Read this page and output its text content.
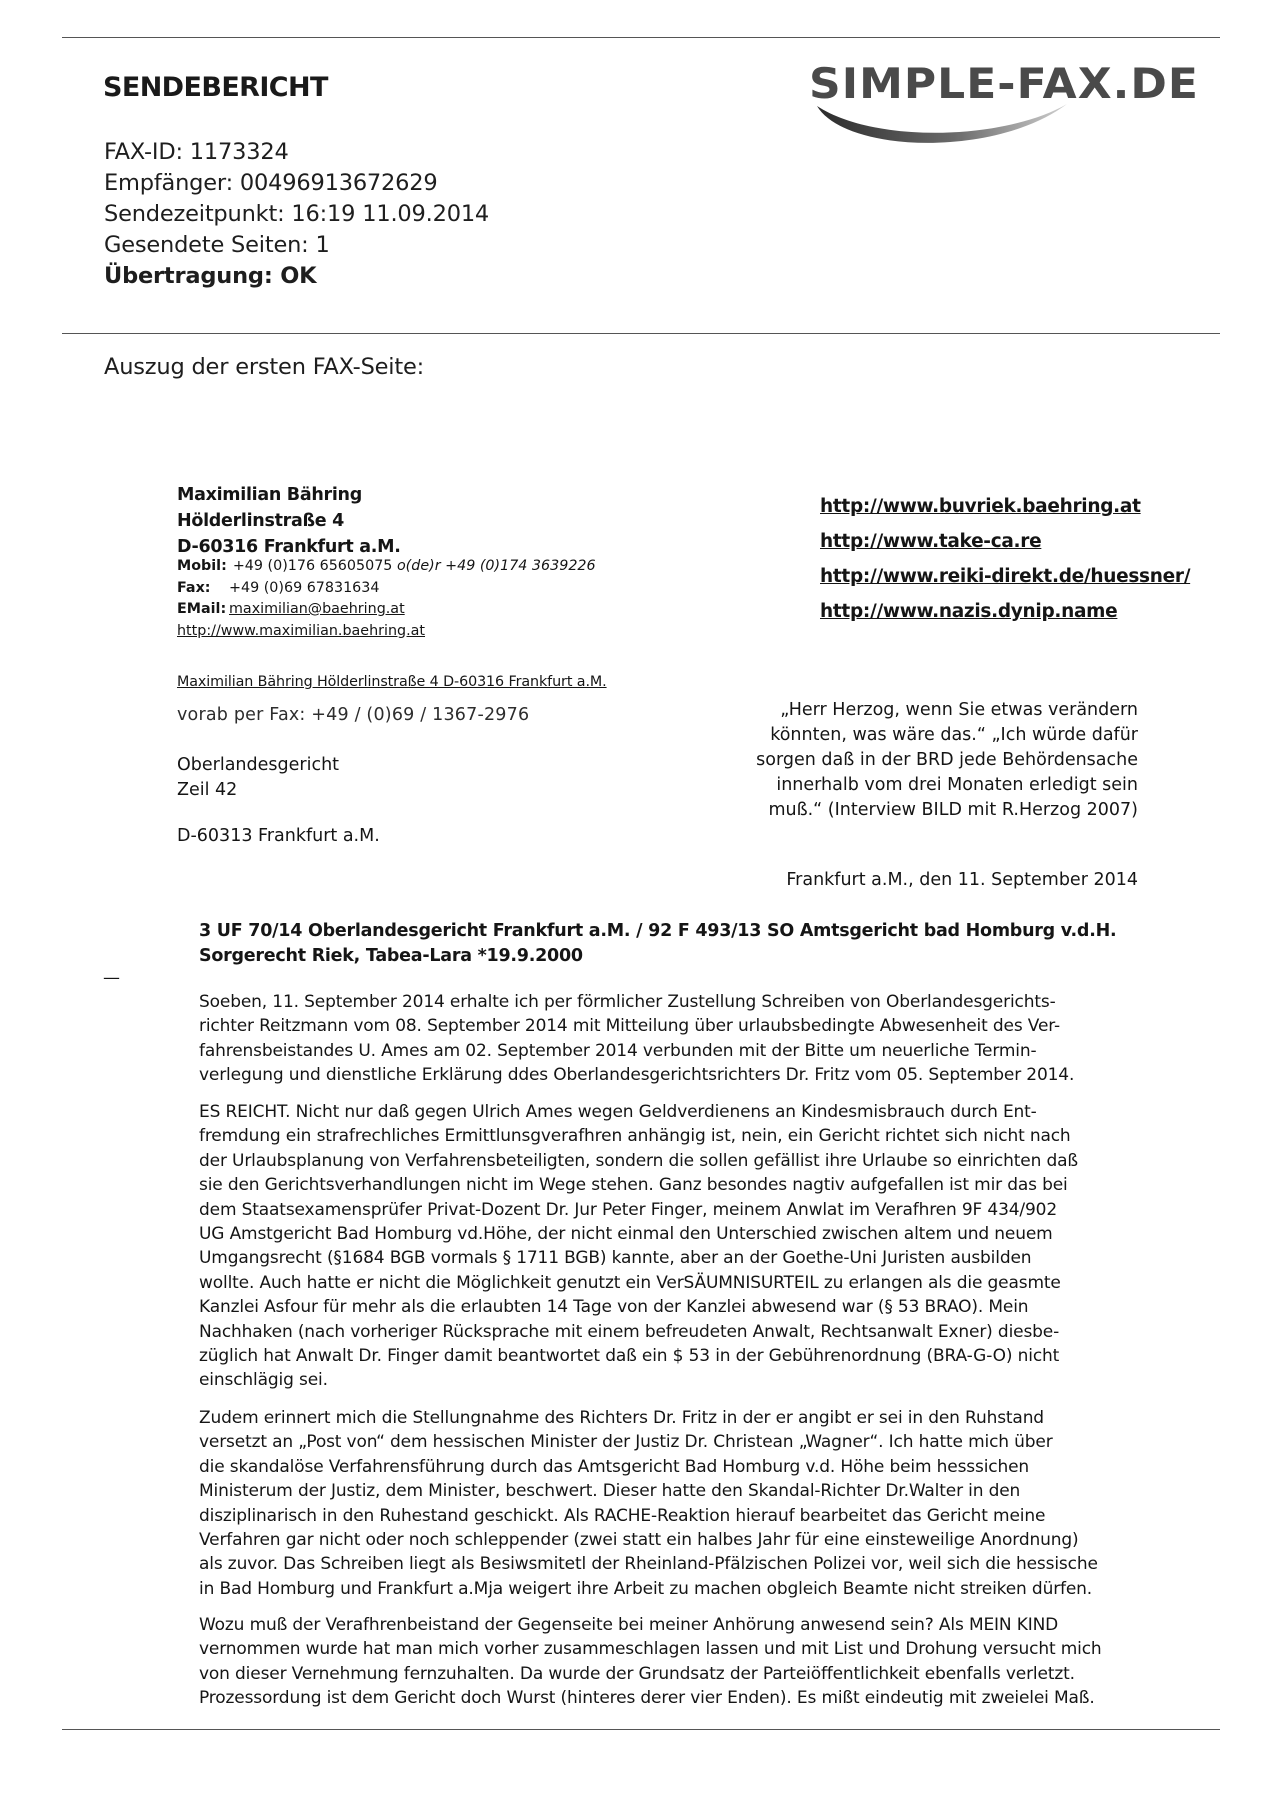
SENDEBERICHT	SIMPLE-FAX.DE
FAX-ID: 1173324
Empfänger: 00496913672629
Sendezeitpunkt: 16:19 11.09.2014
Gesendete Seiten: 1
Übertragung: OK
Auszug der ersten FAX-Seite:
Maximilian Bähring
Hölderlinstraße 4
D-60316 Frankfurt a.M.
Mobil: +49 (0)176 65605075 o(de)r +49 (0)174 3639226
Fax: +49 (0)69 67831634
EMail: maximilian@baehring.at
http://www.maximilian.baehring.at
http://www.buvriek.baehring.at
http://www.take-ca.re
http://www.reiki-direkt.de/huessner/
http://www.nazis.dynip.name
Maximilian Bähring Hölderlinstraße 4 D-60316 Frankfurt a.M.
vorab per Fax: +49 / (0)69 / 1367-2976
Oberlandesgericht
Zeil 42
D-60313 Frankfurt a.M.
„Herr Herzog, wenn Sie etwas verändern
könnten, was wäre das.“ „Ich würde dafür
sorgen daß in der BRD jede Behördensache
innerhalb vom drei Monaten erledigt sein
muß.“ (Interview BILD mit R.Herzog 2007)
Frankfurt a.M., den 11. September 2014
3 UF 70/14 Oberlandesgericht Frankfurt a.M. / 92 F 493/13 SO Amtsgericht bad Homburg v.d.H.
Sorgerecht Riek, Tabea-Lara *19.9.2000
—
Soeben, 11. September 2014 erhalte ich per förmlicher Zustellung Schreiben von Oberlandesgerichts-
richter Reitzmann vom 08. September 2014 mit Mitteilung über urlaubsbedingte Abwesenheit des Ver-
fahrensbeistandes U. Ames am 02. September 2014 verbunden mit der Bitte um neuerliche Termin-
verlegung und dienstliche Erklärung ddes Oberlandesgerichtsrichters Dr. Fritz vom 05. September 2014.
ES REICHT. Nicht nur daß gegen Ulrich Ames wegen Geldverdienens an Kindesmisbrauch durch Ent-
fremdung ein strafrechliches Ermittlunsgverafhren anhängig ist, nein, ein Gericht richtet sich nicht nach
der Urlaubsplanung von Verfahrensbeteiligten, sondern die sollen gefällist ihre Urlaube so einrichten daß
sie den Gerichtsverhandlungen nicht im Wege stehen. Ganz besondes nagtiv aufgefallen ist mir das bei
dem Staatsexamensprüfer Privat-Dozent Dr. Jur Peter Finger, meinem Anwlat im Verafhren 9F 434/902
UG Amstgericht Bad Homburg vd.Höhe, der nicht einmal den Unterschied zwischen altem und neuem
Umgangsrecht (§1684 BGB vormals § 1711 BGB) kannte, aber an der Goethe-Uni Juristen ausbilden
wollte. Auch hatte er nicht die Möglichkeit genutzt ein VerSÄUMNISURTEIL zu erlangen als die geasmte
Kanzlei Asfour für mehr als die erlaubten 14 Tage von der Kanzlei abwesend war (§ 53 BRAO). Mein
Nachhaken (nach vorheriger Rücksprache mit einem befreudeten Anwalt, Rechtsanwalt Exner) diesbe-
züglich hat Anwalt Dr. Finger damit beantwortet daß ein $ 53 in der Gebührenordnung (BRA-G-O) nicht
einschlägig sei.
Zudem erinnert mich die Stellungnahme des Richters Dr. Fritz in der er angibt er sei in den Ruhstand
versetzt an „Post von“ dem hessischen Minister der Justiz Dr. Christean „Wagner“. Ich hatte mich über
die skandalöse Verfahrensführung durch das Amtsgericht Bad Homburg v.d. Höhe beim hesssichen
Ministerum der Justiz, dem Minister, beschwert. Dieser hatte den Skandal-Richter Dr.Walter in den
disziplinarisch in den Ruhestand geschickt. Als RACHE-Reaktion hierauf bearbeitet das Gericht meine
Verfahren gar nicht oder noch schleppender (zwei statt ein halbes Jahr für eine einsteweilige Anordnung)
als zuvor. Das Schreiben liegt als Besiwsmitetl der Rheinland-Pfälzischen Polizei vor, weil sich die hessische
in Bad Homburg und Frankfurt a.Mja weigert ihre Arbeit zu machen obgleich Beamte nicht streiken dürfen.
Wozu muß der Verafhrenbeistand der Gegenseite bei meiner Anhörung anwesend sein? Als MEIN KIND
vernommen wurde hat man mich vorher zusammeschlagen lassen und mit List und Drohung versucht mich
von dieser Vernehmung fernzuhalten. Da wurde der Grundsatz der Parteiöffentlichkeit ebenfalls verletzt.
Prozessordung ist dem Gericht doch Wurst (hinteres derer vier Enden). Es mißt eindeutig mit zweielei Maß.
